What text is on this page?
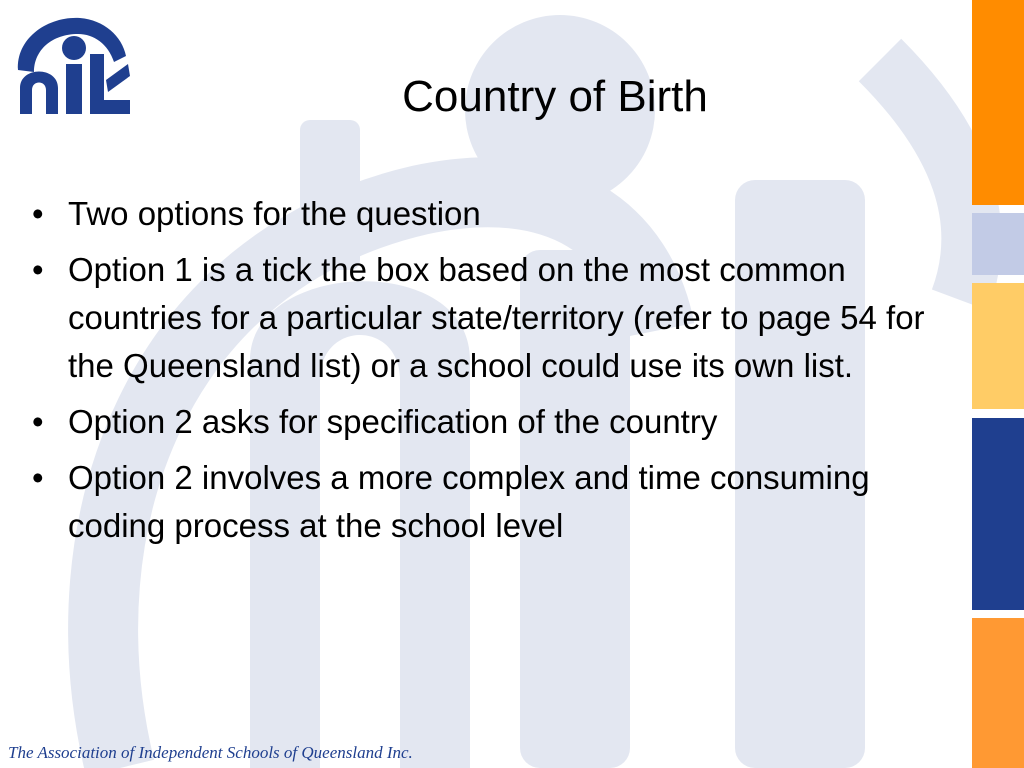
Country of Birth
• Two options for the question
• Option 1 is a tick the box based on the most common countries for a particular state/territory (refer to page 54 for the Queensland list) or a school could use its own list.
• Option 2 asks for specification of the country
• Option 2 involves a more complex and time consuming coding process at the school level
The Association of Independent Schools of Queensland Inc.
